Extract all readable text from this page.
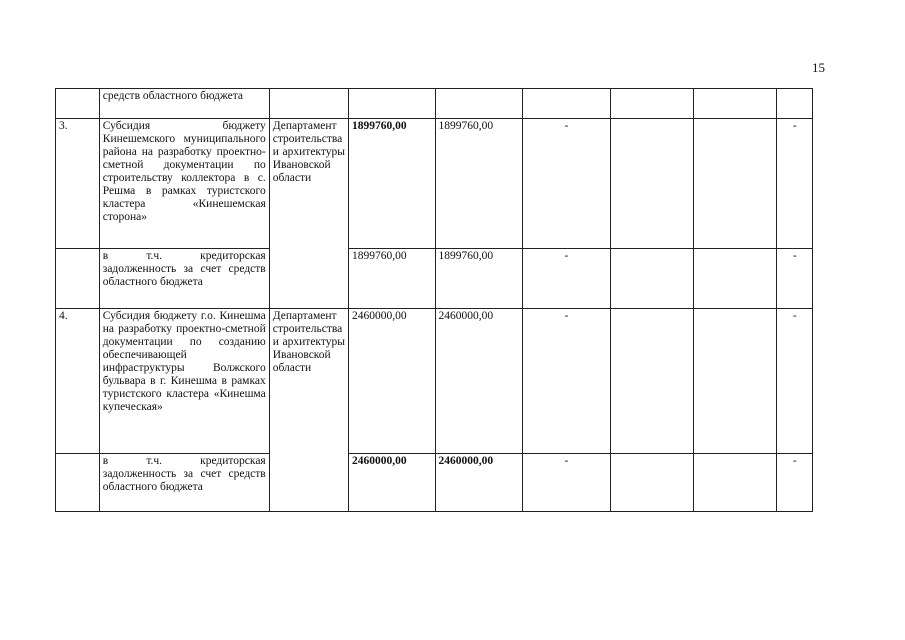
15
	средств областного бюджета							
3.	Субсидия бюджету Кинешемского муниципального района на разработку проектно-сметной документации по строительству коллектора в с. Решма в рамках туристского кластера «Кинешемская сторона»	Департамент строительства и архитектуры Ивановской области	1899760,00	1899760,00	-			-
	в т.ч. кредиторская задолженность за счет средств областного бюджета		1899760,00	1899760,00	-			-
4.	Субсидия бюджету г.о. Кинешма на разработку проектно-сметной документации по созданию обеспечивающей инфраструктуры Волжского бульвара в г. Кинешма в рамках туристского кластера «Кинешма купеческая»	Департамент строительства и архитектуры Ивановской области	2460000,00	2460000,00	-			-
	в т.ч. кредиторская задолженность за счет средств областного бюджета		2460000,00	2460000,00	-			-
